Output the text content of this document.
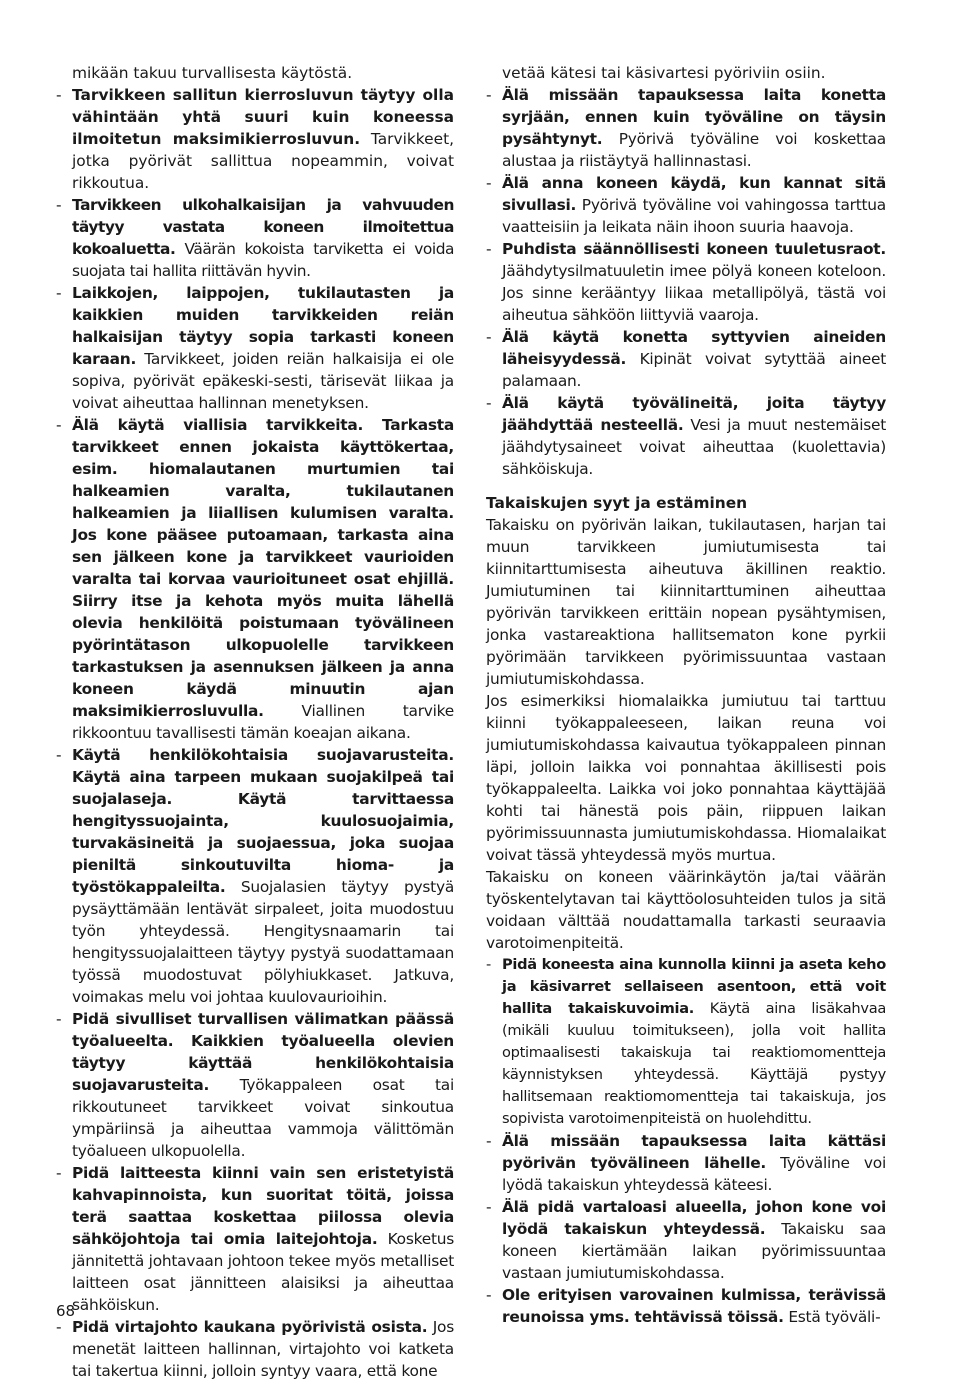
mikään takuu turvallisesta käytöstä.

- Tarvikkeen sallitun kierrosluvun täytyy olla vähintään yhtä suuri kuin koneessa ilmoitetun maksimikierrosluvun. Tarvikkeet, jotka pyörivät sallittua nopeammin, voivat rikkoutua.

- Tarvikkeen ulkohalkaisijan ja vahvuuden täytyy vastata koneen ilmoitettua kokoaluetta. Väärän kokoista tarviketta ei voida suojata tai hallita riittävän hyvin.

- Laikkojen, laippojen, tukilautasten ja kaikkien muiden tarvikkeiden reiän halkaisijan täytyy sopia tarkasti koneen karaan. Tarvikkeet, joiden reiän halkaisija ei ole sopiva, pyörivät epäkeski-sesti, tärisevät liikaa ja voivat aiheuttaa hallinnan menetyksen.

- Älä käytä viallisia tarvikkeita. Tarkasta tarvikkeet ennen jokaista käyttökertaa, esim. hiomalautanen murtumien tai halkeamien varalta, tukilautanen halkeamien ja liiallisen kulumisen varalta. Jos kone pääsee putoamaan, tarkasta aina sen jälkeen kone ja tarvikkeet vaurioiden varalta tai korvaa vaurioituneet osat ehjillä. Siirry itse ja kehota myös muita lähellä olevia henkilöitä poistumaan työvälineen pyörintätason ulkopuolelle tarvikkeen tarkastuksen ja asennuksen jälkeen ja anna koneen käydä minuutin ajan maksimikierrosluvulla. Viallinen tarvike rikkoontuu tavallisesti tämän koeajan aikana.

- Käytä henkilökohtaisia suojavarusteita. Käytä aina tarpeen mukaan suojakilpeä tai suojalaseja. Käytä tarvittaessa hengityssuojainta, kuulosuojaimia, turvakäsineitä ja suojaessua, joka suojaa pieniltä sinkoutuvilta hioma- ja työstökappaleilta. Suojalasien täytyy pystyä pysäyttämään lentävät sirpaleet, joita muodostuu työn yhteydessä. Hengitysnaamarin tai hengityssuojalaitteen täytyy pystyä suodattamaan työssä muodostuvat pölyhiukkaset. Jatkuva, voimakas melu voi johtaa kuulovaurioihin.

- Pidä sivulliset turvallisen välimatkan päässä työalueelta. Kaikkien työalueella olevien täytyy käyttää henkilökohtaisia suojavarusteita. Työkappaleen osat tai rikkoutuneet tarvikkeet voivat sinkoutua ympäriinsä ja aiheuttaa vammoja välittömän työalueen ulkopuolella.

- Pidä laitteesta kiinni vain sen eristetyistä kahvapinnoista, kun suoritat töitä, joissa terä saattaa koskettaa piilossa olevia sähköjohtoja tai omia laitejohtoja. Kosketus jännitettä johtavaan johtoon tekee myös metalliset laitteen osat jännitteen alaisiksi ja aiheuttaa sähköiskun.

- Pidä virtajohto kaukana pyörivistä osista. Jos menetät laitteen hallinnan, virtajohto voi katketa tai takertua kiinni, jolloin syntyy vaara, että kone

vetää kätesi tai käsivartesi pyöriviin osiin.

- Älä missään tapauksessa laita konetta syrjään, ennen kuin työväline on täysin pysähtynyt. Pyörivä työväline voi koskettaa alustaa ja riistäytyä hallinnastasi.

- Älä anna koneen käydä, kun kannat sitä sivullasi. Pyörivä työväline voi vahingossa tarttua vaatteisiin ja leikata näin ihoon suuria haavoja.

- Puhdista säännöllisesti koneen tuuletusraot. Jäähdytysilmatuuletin imee pölyä koneen koteloon. Jos sinne kerääntyy liikaa metallipölyä, tästä voi aiheutua sähköön liittyviä vaaroja.

- Älä käytä konetta syttyvien aineiden läheisyydessä. Kipinät voivat sytyttää aineet palamaan.

- Älä käytä työvälineitä, joita täytyy jäähdyttää nesteellä. Vesi ja muut nestemäiset jäähdytysaineet voivat aiheuttaa (kuolettavia) sähköiskuja.

Takaiskujen syyt ja estäminen

Takaisku on pyörivän laikan, tukilautasen, harjan tai muun tarvikkeen jumiutumisesta tai kiinnitarttumisesta aiheutuva äkillinen reaktio. Jumiutuminen tai kiinnitarttuminen aiheuttaa pyörivän tarvikkeen erittäin nopean pysähtymisen, jonka vastareaktiona hallitsematon kone pyrkii pyörimään tarvikkeen pyörimissuuntaa vastaan jumiutumiskohdassa.

Jos esimerkiksi hiomalaikka jumiutuu tai tarttuu kiinni työkappaleeseen, laikan reuna voi jumiutumiskohdassa kaivautua työkappaleen pinnan läpi, jolloin laikka voi ponnahtaa äkillisesti pois työkappaleelta. Laikka voi joko ponnahtaa käyttäjää kohti tai hänestä pois päin, riippuen laikan pyörimissuunnasta jumiutumiskohdassa. Hiomalaikat voivat tässä yhteydessä myös murtua.

Takaisku on koneen väärinkäytön ja/tai väärän työskentelytavan tai käyttöolosuhteiden tulos ja sitä voidaan välttää noudattamalla tarkasti seuraavia varotoimenpiteitä.

- Pidä koneesta aina kunnolla kiinni ja aseta keho ja käsivarret sellaiseen asentoon, että voit hallita takaiskuvoimia. Käytä aina lisäkahvaa (mikäli kuuluu toimitukseen), jolla voit hallita optimaalisesti takaiskuja tai reaktiomomentteja käynnistyksen yhteydessä. Käyttäjä pystyy hallitsemaan reaktiomomentteja tai takaiskuja, jos sopivista varotoimenpiteistä on huolehdittu.

- Älä missään tapauksessa laita kättäsi pyörivän työvälineen lähelle. Työväline voi lyödä takaiskun yhteydessä käteesi.

- Älä pidä vartaloasi alueella, johon kone voi lyödä takaiskun yhteydessä. Takaisku saa koneen kiertämään laikan pyörimissuuntaa vastaan jumiutumiskohdassa.

- Ole erityisen varovainen kulmissa, terävissä reunoissa yms. tehtävissä töissä. Estä työväli-

68
